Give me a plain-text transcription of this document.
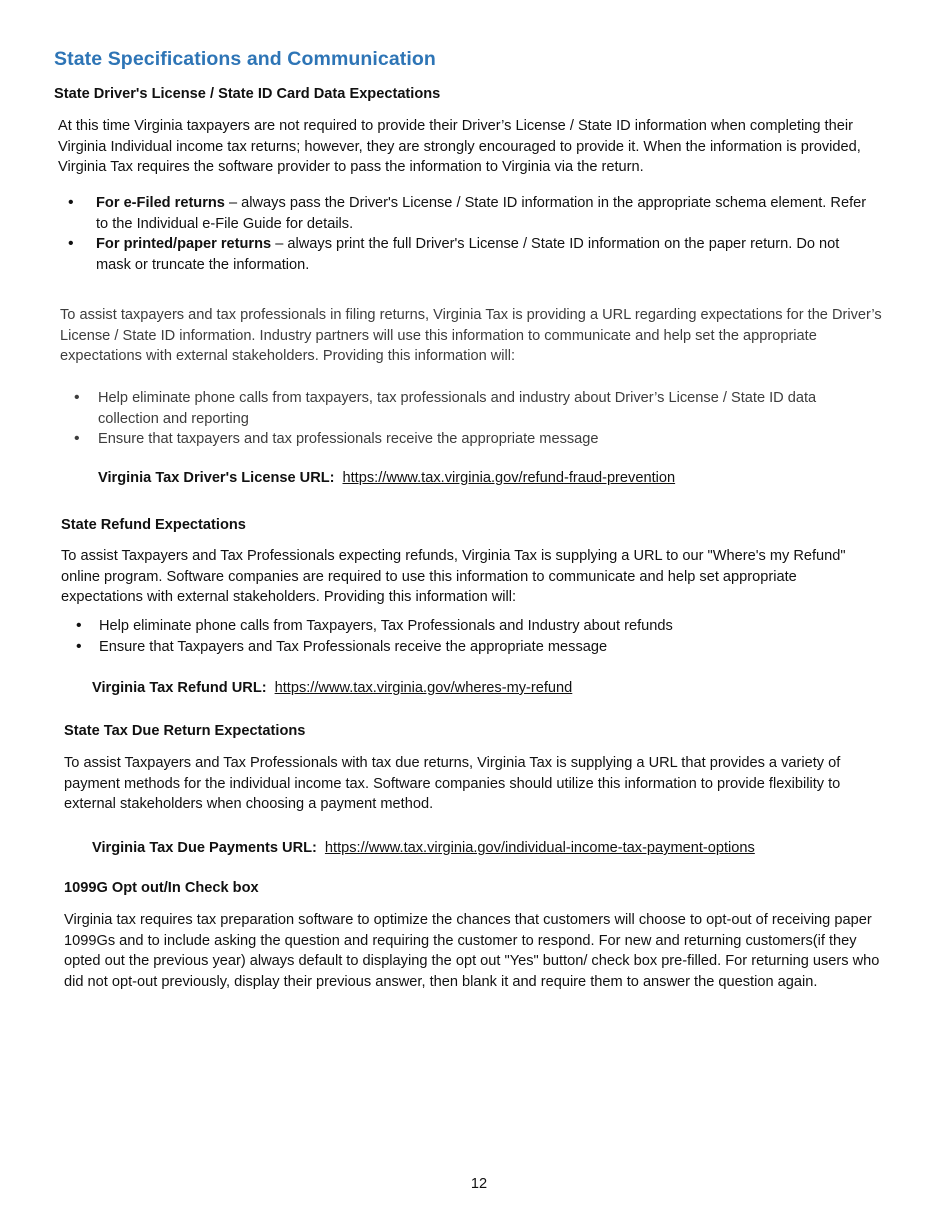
State Specifications and Communication
State Driver's License / State ID Card Data Expectations

At this time Virginia taxpayers are not required to provide their Driver’s License / State ID information when completing their Virginia Individual income tax returns; however, they are strongly encouraged to provide it. When the information is provided, Virginia Tax requires the software provider to pass the information to Virginia via the return.

• For e-Filed returns – always pass the Driver's License / State ID information in the appropriate schema element. Refer to the Individual e-File Guide for details.
• For printed/paper returns – always print the full Driver's License / State ID information on the paper return. Do not mask or truncate the information.

To assist taxpayers and tax professionals in filing returns, Virginia Tax is providing a URL regarding expectations for the Driver’s License / State ID information. Industry partners will use this information to communicate and help set the appropriate expectations with external stakeholders. Providing this information will:

• Help eliminate phone calls from taxpayers, tax professionals and industry about Driver’s License / State ID data collection and reporting
• Ensure that taxpayers and tax professionals receive the appropriate message

Virginia Tax Driver's License URL: https://www.tax.virginia.gov/refund-fraud-prevention

State Refund Expectations

To assist Taxpayers and Tax Professionals expecting refunds, Virginia Tax is supplying a URL to our "Where's my Refund" online program. Software companies are required to use this information to communicate and help set appropriate expectations with external stakeholders. Providing this information will:

• Help eliminate phone calls from Taxpayers, Tax Professionals and Industry about refunds
• Ensure that Taxpayers and Tax Professionals receive the appropriate message

Virginia Tax Refund URL: https://www.tax.virginia.gov/wheres-my-refund

State Tax Due Return Expectations

To assist Taxpayers and Tax Professionals with tax due returns, Virginia Tax is supplying a URL that provides a variety of payment methods for the individual income tax. Software companies should utilize this information to provide flexibility to external stakeholders when choosing a payment method.

Virginia Tax Due Payments URL: https://www.tax.virginia.gov/individual-income-tax-payment-options

1099G Opt out/In Check box

Virginia tax requires tax preparation software to optimize the chances that customers will choose to opt-out of receiving paper 1099Gs and to include asking the question and requiring the customer to respond. For new and returning customers(if they opted out the previous year) always default to displaying the opt out "Yes" button/ check box pre-filled. For returning users who did not opt-out previously, display their previous answer, then blank it and require them to answer the question again.

12
